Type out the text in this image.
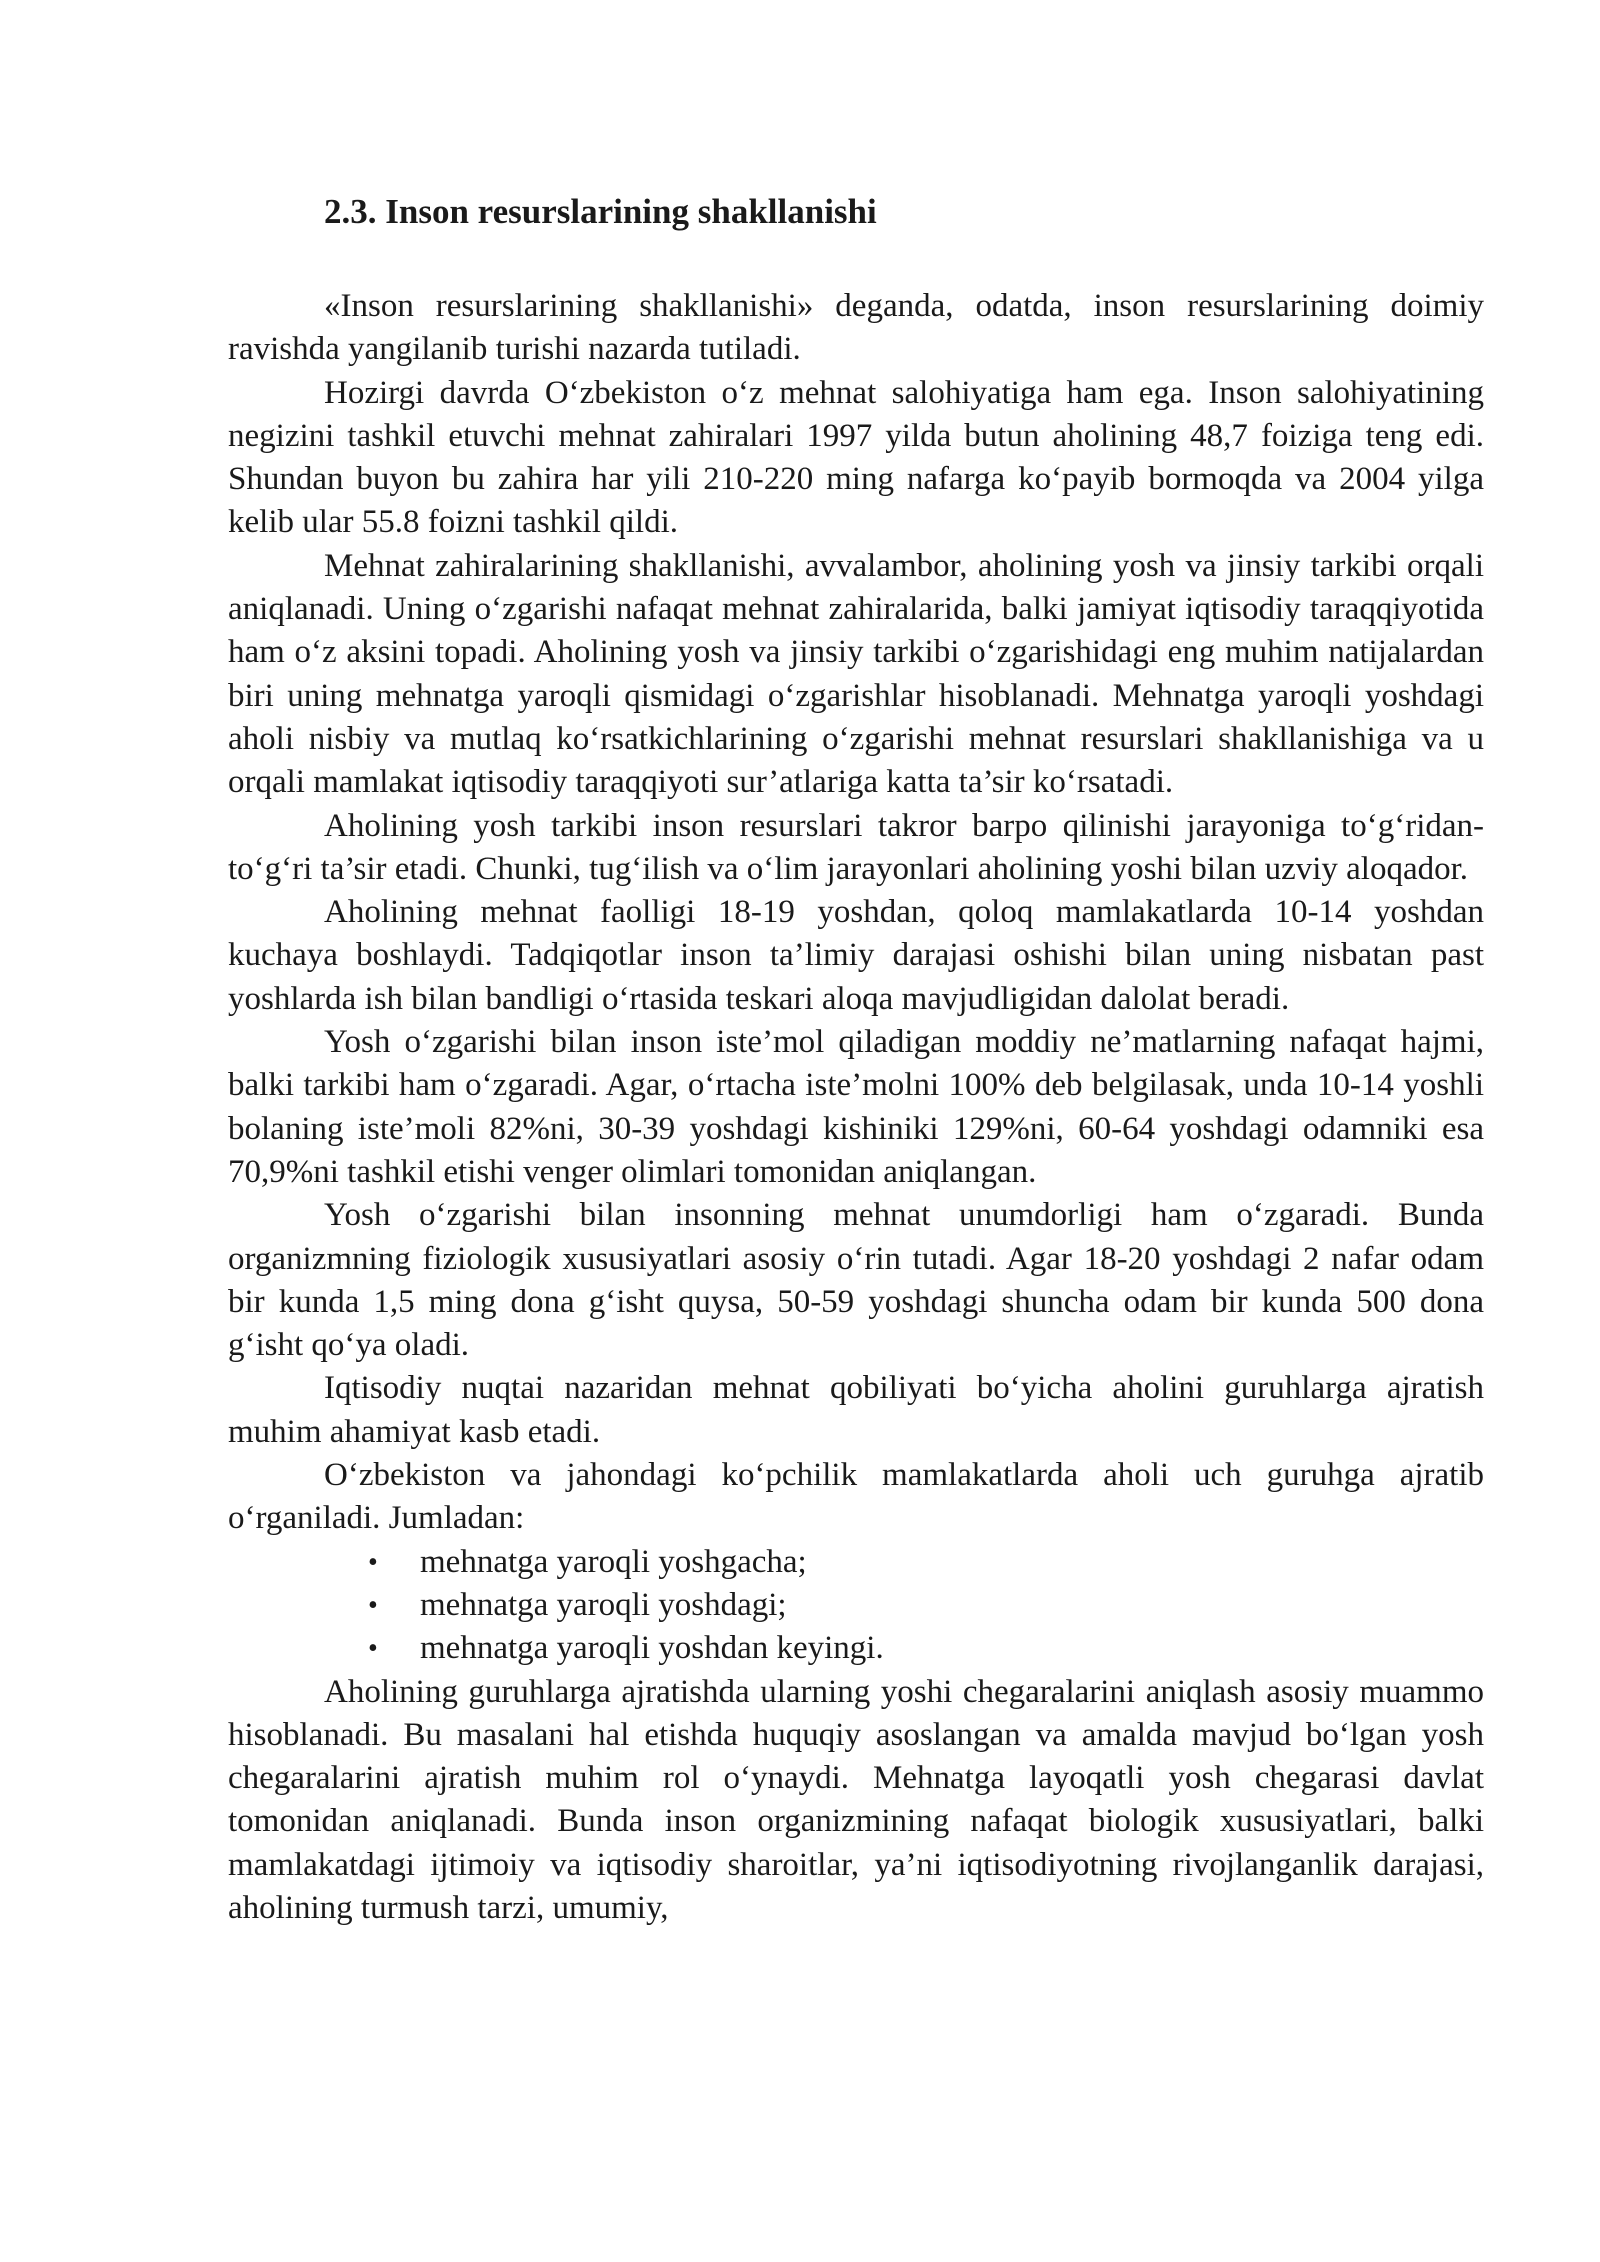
2.3. Inson resurslarining shakllanishi

«Inson resurslarining shakllanishi» deganda, odatda, inson resurslarining doimiy ravishda yangilanib turishi nazarda tutiladi.

Hozirgi davrda O‘zbekiston o‘z mehnat salohiyatiga ham ega. Inson salohiyatining negizini tashkil etuvchi mehnat zahiralari 1997 yilda butun aholining 48,7 foiziga teng edi. Shundan buyon bu zahira har yili 210-220 ming nafarga ko‘payib bormoqda va 2004 yilga kelib ular 55.8 foizni tashkil qildi.

Mehnat zahiralarining shakllanishi, avvalambor, aholining yosh va jinsiy tarkibi orqali aniqlanadi. Uning o‘zgarishi nafaqat mehnat zahiralarida, balki jamiyat iqtisodiy taraqqiyotida ham o‘z aksini topadi. Aholining yosh va jinsiy tarkibi o‘zgarishidagi eng muhim natijalardan biri uning mehnatga yaroqli qismidagi o‘zgarishlar hisoblanadi. Mehnatga yaroqli yoshdagi aholi nisbiy va mutlaq ko‘rsatkichlarining o‘zgarishi mehnat resurslari shakllanishiga va u orqali mamlakat iqtisodiy taraqqiyoti sur’atlariga katta ta’sir ko‘rsatadi.

Aholining yosh tarkibi inson resurslari takror barpo qilinishi jarayoniga to‘g‘ridan-to‘g‘ri ta’sir etadi. Chunki, tug‘ilish va o‘lim jarayonlari aholining yoshi bilan uzviy aloqador.

Aholining mehnat faolligi 18-19 yoshdan, qoloq mamlakatlarda 10-14 yoshdan kuchaya boshlaydi. Tadqiqotlar inson ta’limiy darajasi oshishi bilan uning nisbatan past yoshlarda ish bilan bandligi o‘rtasida teskari aloqa mavjudligidan dalolat beradi.

Yosh o‘zgarishi bilan inson iste’mol qiladigan moddiy ne’matlarning nafaqat hajmi, balki tarkibi ham o‘zgaradi. Agar, o‘rtacha iste’molni 100% deb belgilasak, unda 10-14 yoshli bolaning iste’moli 82%ni, 30-39 yoshdagi kishiniki 129%ni, 60-64 yoshdagi odamniki esa 70,9%ni tashkil etishi venger olimlari tomonidan aniqlangan.

Yosh o‘zgarishi bilan insonning mehnat unumdorligi ham o‘zgaradi. Bunda organizmning fiziologik xususiyatlari asosiy o‘rin tutadi. Agar 18-20 yoshdagi 2 nafar odam bir kunda 1,5 ming dona g‘isht quysa, 50-59 yoshdagi shuncha odam bir kunda 500 dona g‘isht qo‘ya oladi.

Iqtisodiy nuqtai nazaridan mehnat qobiliyati bo‘yicha aholini guruhlarga ajratish muhim ahamiyat kasb etadi.

O‘zbekiston va jahondagi ko‘pchilik mamlakatlarda aholi uch guruhga ajratib o‘rganiladi. Jumladan:

• mehnatga yaroqli yoshgacha;
• mehnatga yaroqli yoshdagi;
• mehnatga yaroqli yoshdan keyingi.

Aholining guruhlarga ajratishda ularning yoshi chegaralarini aniqlash asosiy muammo hisoblanadi. Bu masalani hal etishda huquqiy asoslangan va amalda mavjud bo‘lgan yosh chegaralarini ajratish muhim rol o‘ynaydi. Mehnatga layoqatli yosh chegarasi davlat tomonidan aniqlanadi. Bunda inson organizmining nafaqat biologik xususiyatlari, balki mamlakatdagi ijtimoiy va iqtisodiy sharoitlar, ya’ni iqtisodiyotning rivojlanganlik darajasi, aholining turmush tarzi, umumiy,
